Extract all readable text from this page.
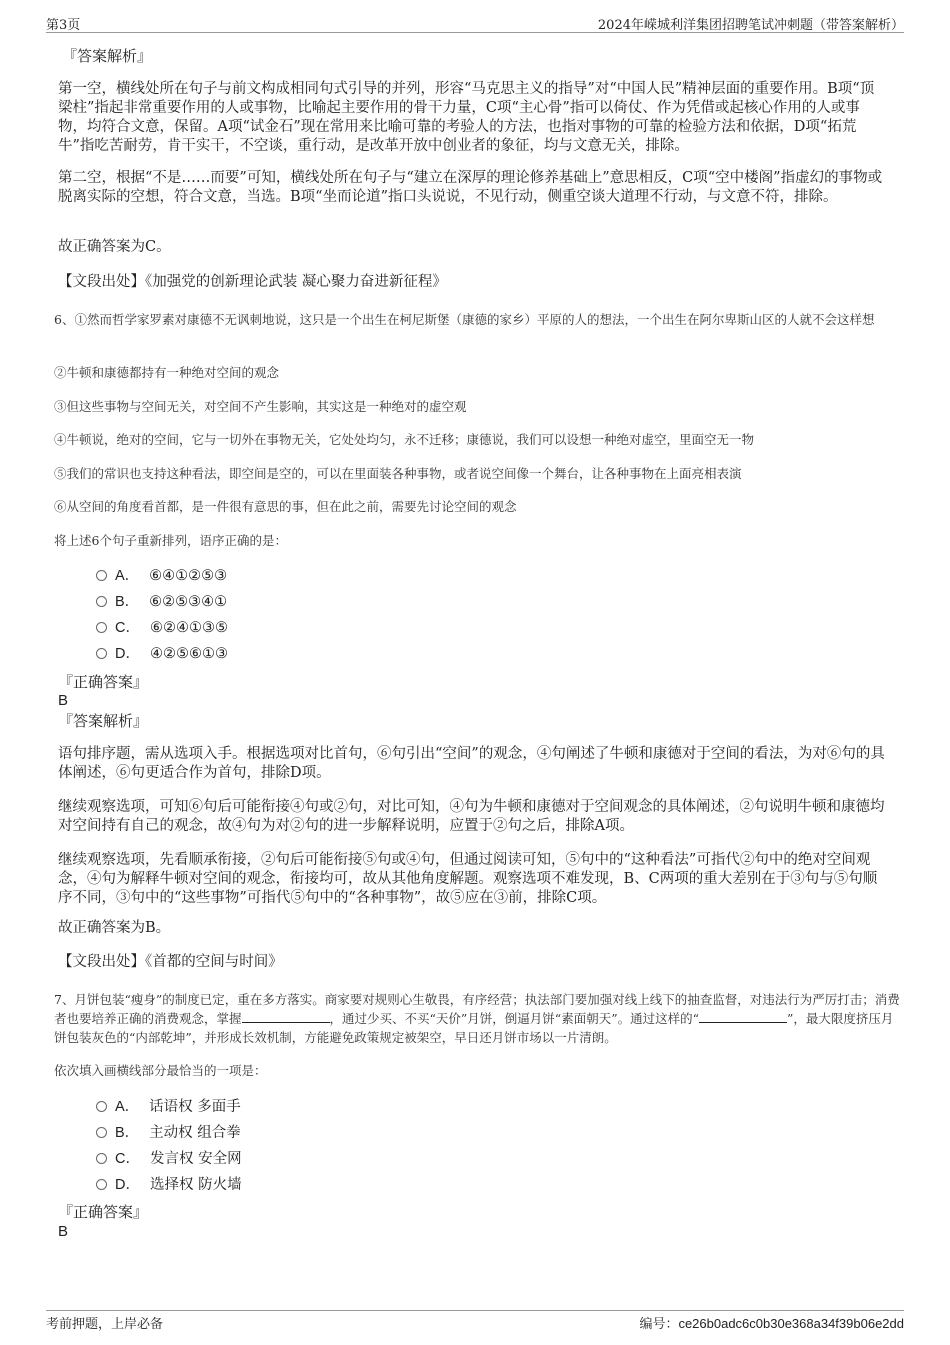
第3页	2024年嵘城利洋集团招聘笔试冲刺题（带答案解析）
『答案解析』
第一空，横线处所在句子与前文构成相同句式引导的并列，形容“马克思主义的指导”对“中国人民”精神层面的重要作用。B项“顶梁柱”指起非常重要作用的人或事物，比喻起主要作用的骨干力量，C项“主心骨”指可以倚仗、作为凭借或起核心作用的人或事物，均符合文意，保留。A项“试金石”现在常用来比喻可靠的考验人的方法，也指对事物的可靠的检验方法和依据，D项“拓荒牛”指吃苦耐劳，肯干实干，不空谈，重行动，是改革开放中创业者的象征，均与文意无关，排除。
第二空，根据“不是……而要”可知，横线处所在句子与“建立在深厚的理论修养基础上”意思相反，C项“空中楼阁”指虚幻的事物或脱离实际的空想，符合文意，当选。B项“坐而论道”指口头说说，不见行动，侧重空谈大道理不行动，与文意不符，排除。
故正确答案为C。
【文段出处】《加强党的创新理论武装 凝心聚力奋进新征程》
6、①然而哲学家罗素对康德不无讽刺地说，这只是一个出生在柯尼斯堡（康德的家乡）平原的人的想法，一个出生在阿尔卑斯山区的人就不会这样想
②牛顿和康德都持有一种绝对空间的观念
③但这些事物与空间无关，对空间不产生影响，其实这是一种绝对的虚空观
④牛顿说，绝对的空间，它与一切外在事物无关，它处处均匀，永不迁移；康德说，我们可以设想一种绝对虚空，里面空无一物
⑤我们的常识也支持这种看法，即空间是空的，可以在里面装各种事物，或者说空间像一个舞台，让各种事物在上面亮相表演
⑥从空间的角度看首都，是一件很有意思的事，但在此之前，需要先讨论空间的观念
将上述6个句子重新排列，语序正确的是：
A． ⑥④①②⑤③
B． ⑥②⑤③④①
C． ⑥②④①③⑤
D． ④②⑤⑥①③
『正确答案』
B
『答案解析』
语句排序题，需从选项入手。根据选项对比首句，⑥句引出“空间”的观念，④句阐述了牛顿和康德对于空间的看法，为对⑥句的具体阐述，⑥句更适合作为首句，排除D项。
继续观察选项，可知⑥句后可能衔接④句或②句，对比可知，④句为牛顿和康德对于空间观念的具体阐述，②句说明牛顿和康德均对空间持有自己的观念，故④句为对②句的进一步解释说明，应置于②句之后，排除A项。
继续观察选项，先看顺承衔接，②句后可能衔接⑤句或④句，但通过阅读可知，⑤句中的“这种看法”可指代②句中的绝对空间观念，④句为解释牛顿对空间的观念，衔接均可，故从其他角度解题。观察选项不难发现，B、C两项的重大差别在于③句与⑤句顺序不同，③句中的“这些事物”可指代⑤句中的“各种事物”，故⑤应在③前，排除C项。
故正确答案为B。
【文段出处】《首都的空间与时间》
7、月饼包装“瘦身”的制度已定，重在多方落实。商家要对规则心生敬畏，有序经营；执法部门要加强对线上线下的抽查监督，对违法行为严厉打击；消费者也要培养正确的消费观念，掌握	，通过少买、不买“天价”月饼，倒逼月饼“素面朝天”。通过这样的“	”，最大限度挤压月饼包装灰色的“内部乾坤”，并形成长效机制，方能避免政策规定被架空，早日还月饼市场以一片清朗。
依次填入画横线部分最恰当的一项是：
A． 话语权 多面手
B． 主动权 组合拳
C． 发言权 安全网
D． 选择权 防火墙
『正确答案』
B
考前押题，上岸必备	编号：ce26b0adc6c0b30e368a34f39b06e2dd
